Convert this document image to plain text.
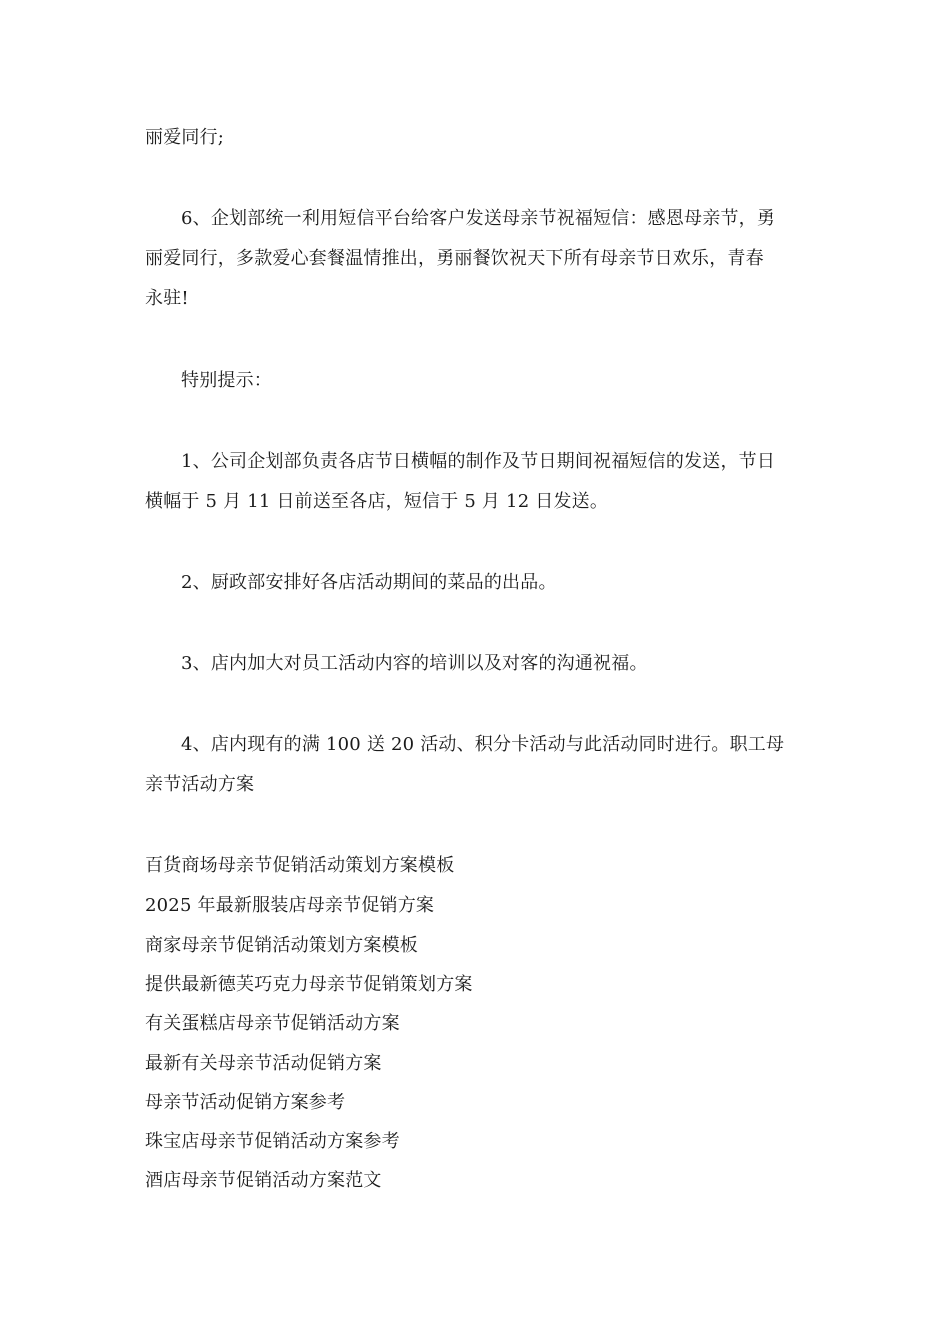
丽爱同行;
6、企划部统一利用短信平台给客户发送母亲节祝福短信：感恩母亲节，勇
丽爱同行，多款爱心套餐温情推出，勇丽餐饮祝天下所有母亲节日欢乐，青春
永驻!
特别提示：
1、公司企划部负责各店节日横幅的制作及节日期间祝福短信的发送，节日
横幅于 5 月 11 日前送至各店，短信于 5 月 12 日发送。
2、厨政部安排好各店活动期间的菜品的出品。
3、店内加大对员工活动内容的培训以及对客的沟通祝福。
4、店内现有的满 100 送 20 活动、积分卡活动与此活动同时进行。职工母
亲节活动方案
百货商场母亲节促销活动策划方案模板
2025 年最新服装店母亲节促销方案
商家母亲节促销活动策划方案模板
提供最新德芙巧克力母亲节促销策划方案
有关蛋糕店母亲节促销活动方案
最新有关母亲节活动促销方案
母亲节活动促销方案参考
珠宝店母亲节促销活动方案参考
酒店母亲节促销活动方案范文
